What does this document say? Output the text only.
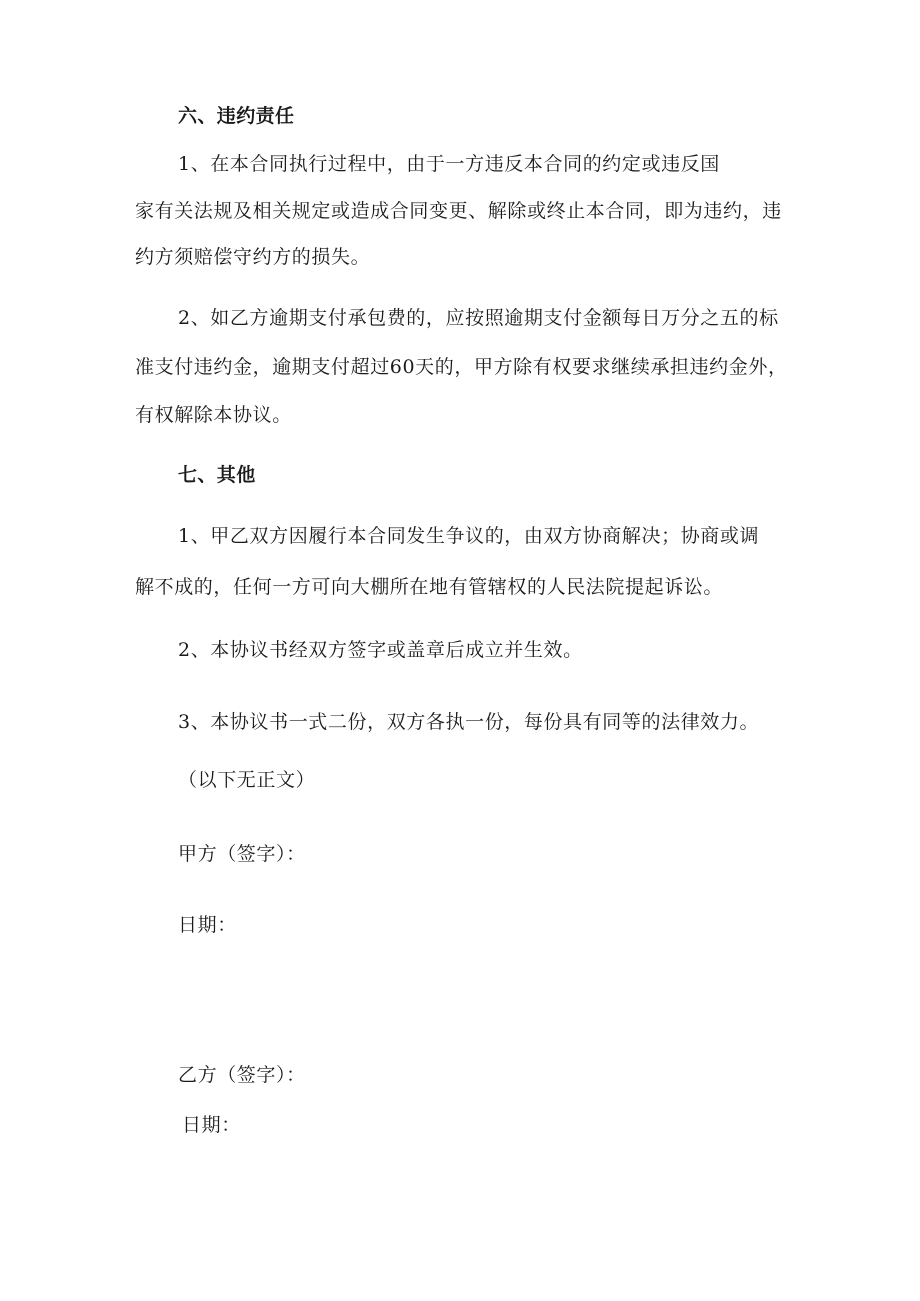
六、违约责任

1、在本合同执行过程中，由于一方违反本合同的约定或违反国

家有关法规及相关规定或造成合同变更、解除或终止本合同，即为违约，违

约方须赔偿守约方的损失。

2、如乙方逾期支付承包费的，应按照逾期支付金额每日万分之五的标

准支付违约金，逾期支付超过60天的，甲方除有权要求继续承担违约金外，

有权解除本协议。

七、其他

1、甲乙双方因履行本合同发生争议的，由双方协商解决；协商或调

解不成的，任何一方可向大棚所在地有管辖权的人民法院提起诉讼。

2、本协议书经双方签字或盖章后成立并生效。

3、本协议书一式二份，双方各执一份，每份具有同等的法律效力。

（以下无正文）

甲方（签字）：

日期：

乙方（签字）：

日期：
